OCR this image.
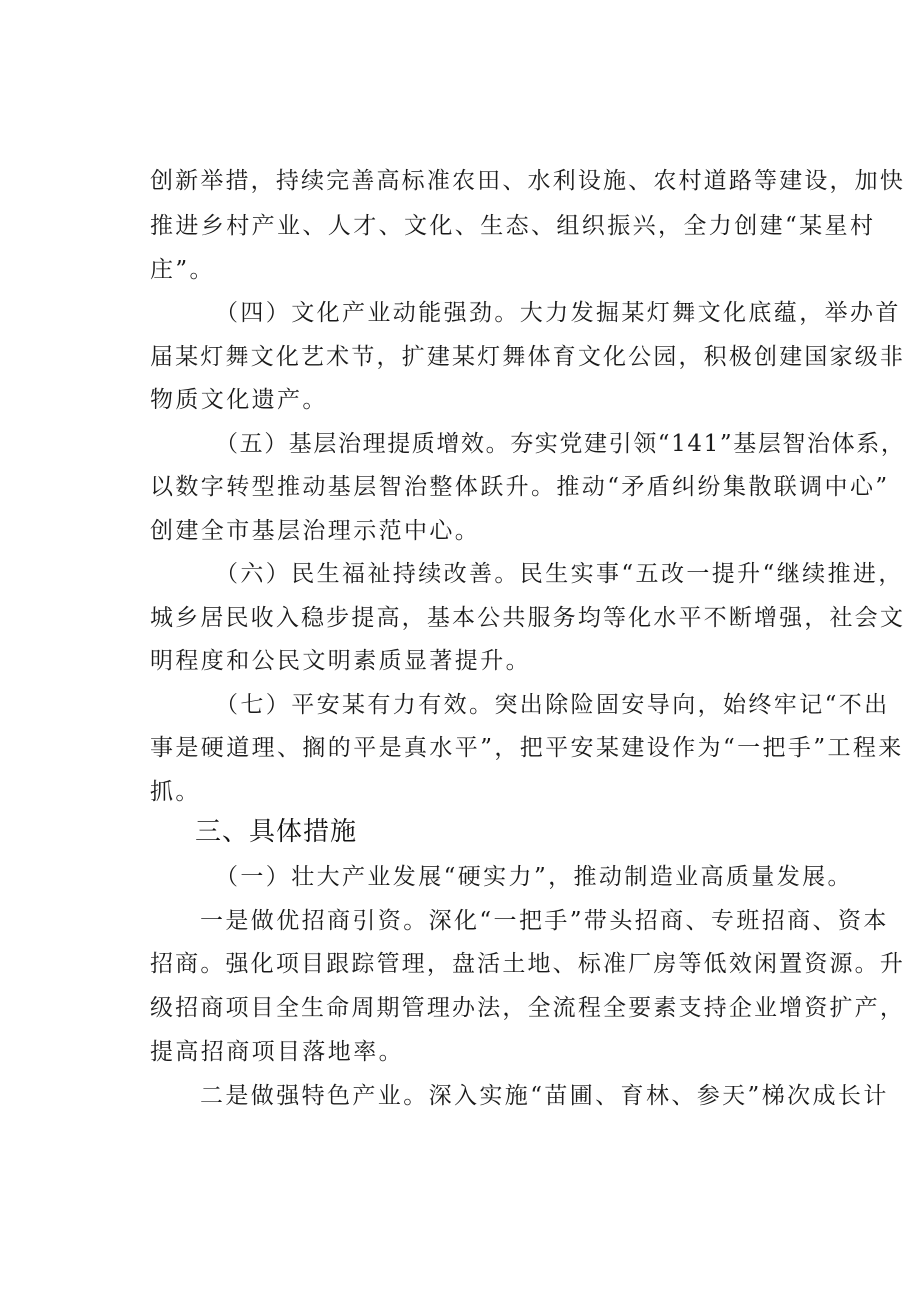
创新举措，持续完善高标准农田、水利设施、农村道路等建设，加快
推进乡村产业、人才、文化、生态、组织振兴，全力创建“某星村
庄”。
（四）文化产业动能强劲。大力发掘某灯舞文化底蕴，举办首
届某灯舞文化艺术节，扩建某灯舞体育文化公园，积极创建国家级非
物质文化遗产。
（五）基层治理提质增效。夯实党建引领“141”基层智治体系，
以数字转型推动基层智治整体跃升。推动“矛盾纠纷集散联调中心”
创建全市基层治理示范中心。
（六）民生福祉持续改善。民生实事“五改一提升“继续推进，
城乡居民收入稳步提高，基本公共服务均等化水平不断增强，社会文
明程度和公民文明素质显著提升。
（七）平安某有力有效。突出除险固安导向，始终牢记“不出
事是硬道理、搁的平是真水平”，把平安某建设作为“一把手”工程来
抓。
三、具体措施
（一）壮大产业发展“硬实力”，推动制造业高质量发展。
一是做优招商引资。深化“一把手”带头招商、专班招商、资本
招商。强化项目跟踪管理，盘活土地、标准厂房等低效闲置资源。升
级招商项目全生命周期管理办法，全流程全要素支持企业增资扩产，
提高招商项目落地率。
二是做强特色产业。深入实施“苗圃、育林、参天”梯次成长计
